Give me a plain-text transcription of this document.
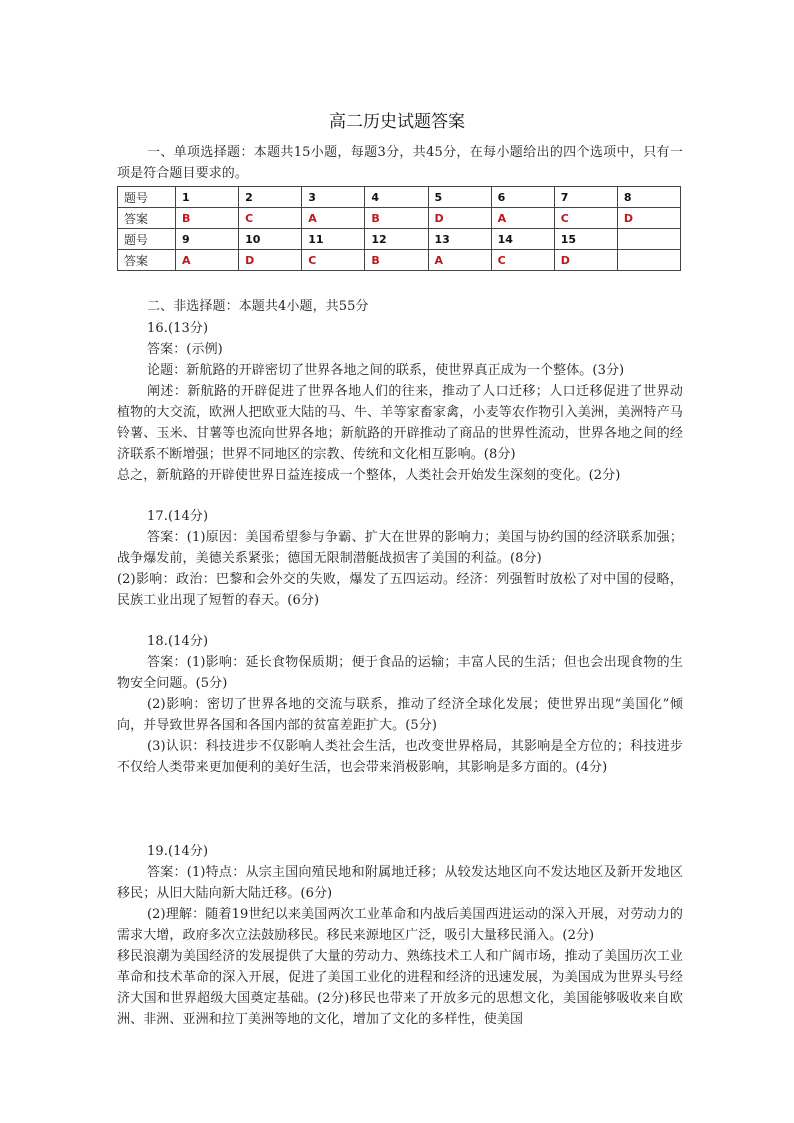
高二历史试题答案
一、单项选择题：本题共15小题，每题3分，共45分，在每小题给出的四个选项中，只有一项是符合题目要求的。
题号	1	2	3	4	5	6	7	8
答案	B	C	A	B	D	A	C	D
题号	9	10	11	12	13	14	15	
答案	A	D	C	B	A	C	D	
二、非选择题：本题共4小题，共55分
16.(13分)
答案：(示例)
论题：新航路的开辟密切了世界各地之间的联系，使世界真正成为一个整体。(3分)
阐述：新航路的开辟促进了世界各地人们的往来，推动了人口迁移；人口迁移促进了世界动植物的大交流，欧洲人把欧亚大陆的马、牛、羊等家畜家禽，小麦等农作物引入美洲，美洲特产马铃薯、玉米、甘薯等也流向世界各地；新航路的开辟推动了商品的世界性流动，世界各地之间的经济联系不断增强；世界不同地区的宗教、传统和文化相互影响。(8分)
总之，新航路的开辟使世界日益连接成一个整体，人类社会开始发生深刻的变化。(2分)
17.(14分)
答案：(1)原因：美国希望参与争霸、扩大在世界的影响力；美国与协约国的经济联系加强；战争爆发前，美德关系紧张；德国无限制潜艇战损害了美国的利益。(8分)
(2)影响：政治：巴黎和会外交的失败，爆发了五四运动。经济：列强暂时放松了对中国的侵略，民族工业出现了短暂的春天。(6分)
18.(14分)
答案：(1)影响：延长食物保质期；便于食品的运输；丰富人民的生活；但也会出现食物的生物安全问题。(5分)
(2)影响：密切了世界各地的交流与联系，推动了经济全球化发展；使世界出现“美国化”倾向，并导致世界各国和各国内部的贫富差距扩大。(5分)
(3)认识：科技进步不仅影响人类社会生活，也改变世界格局，其影响是全方位的；科技进步不仅给人类带来更加便利的美好生活，也会带来消极影响，其影响是多方面的。(4分)
19.(14分)
答案：(1)特点：从宗主国向殖民地和附属地迁移；从较发达地区向不发达地区及新开发地区移民；从旧大陆向新大陆迁移。(6分)
(2)理解：随着19世纪以来美国两次工业革命和内战后美国西进运动的深入开展，对劳动力的需求大增，政府多次立法鼓励移民。移民来源地区广泛，吸引大量移民涌入。(2分)
移民浪潮为美国经济的发展提供了大量的劳动力、熟练技术工人和广阔市场，推动了美国历次工业革命和技术革命的深入开展，促进了美国工业化的进程和经济的迅速发展，为美国成为世界头号经济大国和世界超级大国奠定基础。(2分)移民也带来了开放多元的思想文化，美国能够吸收来自欧洲、非洲、亚洲和拉丁美洲等地的文化，增加了文化的多样性，使美国
